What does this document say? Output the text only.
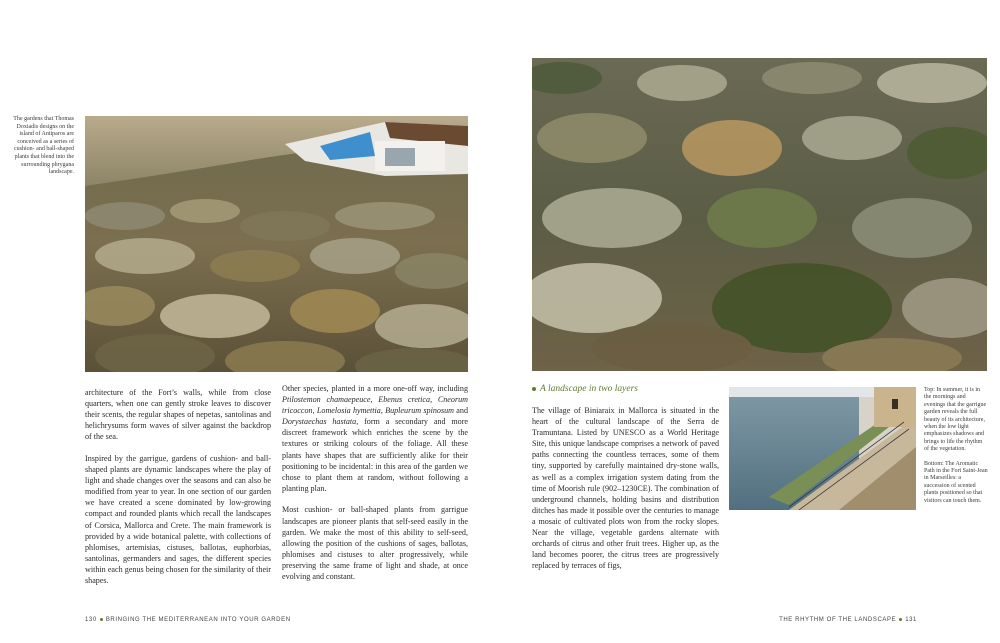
The gardens that Thomas Doxiadis designs on the island of Antiparos are conceived as a series of cushion- and ball-shaped plants that blend into the surrounding phrygana landscape.

architecture of the Fort’s walls, while from close quarters, when one can gently stroke leaves to discover their scents, the regular shapes of nepetas, santolinas and helichrysums form waves of silver against the backdrop of the sea.

Inspired by the garrigue, gardens of cushion- and ball-shaped plants are dynamic landscapes where the play of light and shade changes over the seasons and can also be modified from year to year. In one section of our garden we have created a scene dominated by low-growing compact and rounded plants which recall the landscapes of Corsica, Mallorca and Crete. The main framework is provided by a wide botanical palette, with collections of phlomises, artemisias, cistuses, ballotas, euphorbias, santolinas, germanders and sages, the different species within each genus being chosen for the similarity of their shapes.

Other species, planted in a more one-off way, including Ptilostemon chamaepeuce, Ebenus cretica, Cneorum tricoccon, Lomelosia hymettia, Bupleurum spinosum and Dorystaechas hastata, form a secondary and more discreet framework which enriches the scene by the textures or striking colours of the foliage. All these plants have shapes that are sufficiently alike for their positioning to be incidental: in this area of the garden we chose to plant them at random, without following a planting plan.

Most cushion- or ball-shaped plants from garrigue landscapes are pioneer plants that self-seed easily in the garden. We make the most of this ability to self-seed, allowing the position of the cushions of sages, ballotas, phlomises and cistuses to alter progressively, while preserving the same frame of light and shade, at once evolving and constant.

130 BRINGING THE MEDITERRANEAN INTO YOUR GARDEN
A landscape in two layers

The village of Biniaraix in Mallorca is situated in the heart of the cultural landscape of the Serra de Tramuntana. Listed by UNESCO as a World Heritage Site, this unique landscape comprises a network of paved paths connecting the countless terraces, some of them tiny, supported by carefully maintained dry-stone walls, as well as a complex irrigation system dating from the time of Moorish rule (902–1230CE). The combination of underground channels, holding basins and distribution ditches has made it possible over the centuries to manage a mosaic of cultivated plots won from the rocky slopes. Near the village, vegetable gardens alternate with orchards of citrus and other fruit trees. Higher up, as the land becomes poorer, the citrus trees are progressively replaced by terraces of figs,

Top: In summer, it is in the mornings and evenings that the garrigue garden reveals the full beauty of its architecture, when the low light emphasizes shadows and brings to life the rhythm of the vegetation.

Bottom: The Aromatic Path in the Fort Saint-Jean in Marseilles: a succession of scented plants positioned so that visitors can touch them.

THE RHYTHM OF THE LANDSCAPE 131
